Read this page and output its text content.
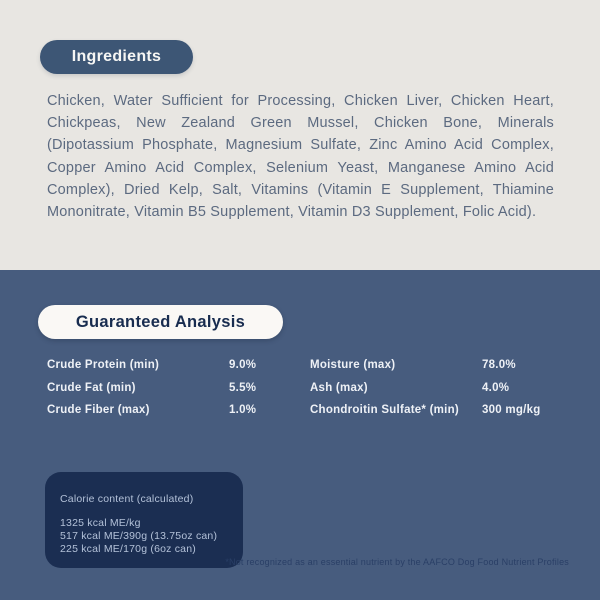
Ingredients

Chicken, Water Sufficient for Processing, Chicken Liver, Chicken Heart, Chickpeas, New Zealand Green Mussel, Chicken Bone, Minerals (Dipotassium Phosphate, Magnesium Sulfate, Zinc Amino Acid Complex, Copper Amino Acid Complex, Selenium Yeast, Manganese Amino Acid Complex), Dried Kelp, Salt, Vitamins (Vitamin E Supplement, Thiamine Mononitrate, Vitamin B5 Supplement, Vitamin D3 Supplement, Folic Acid).

Guaranteed Analysis
Crude Protein (min)	9.0%
Crude Fat (min)	5.5%
Crude Fiber (max)	1.0%
Moisture (max)	78.0%
Ash (max)	4.0%
Chondroitin Sulfate* (min)	300 mg/kg
Calorie content (calculated)
1325 kcal ME/kg
517 kcal ME/390g (13.75oz can)
225 kcal ME/170g (6oz can)
*Not recognized as an essential nutrient by the AAFCO Dog Food Nutrient Profiles
